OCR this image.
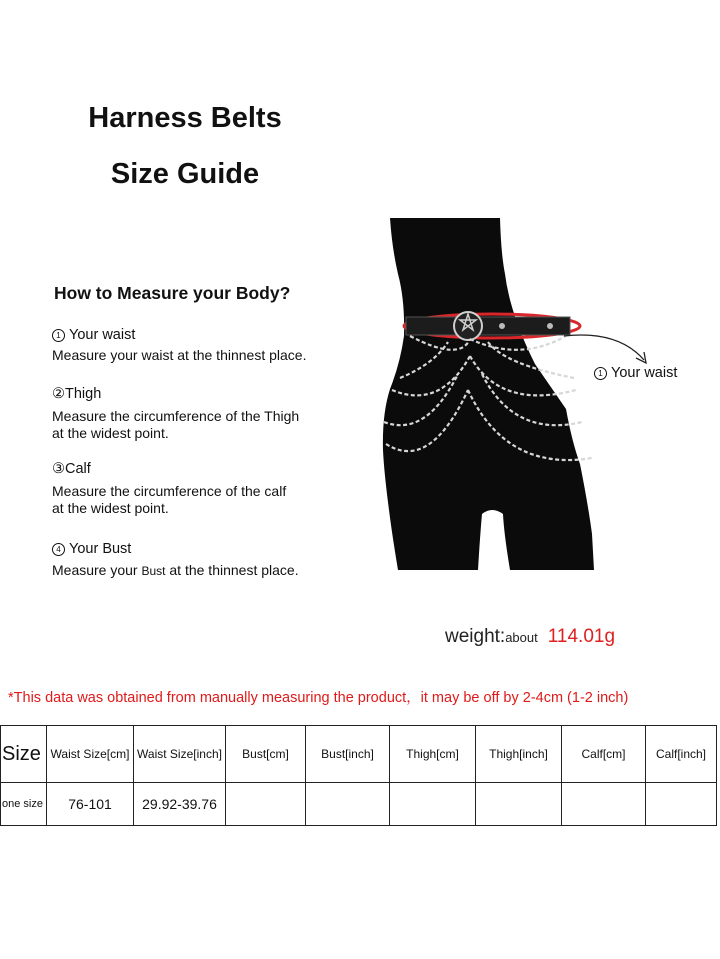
Harness Belts
Size Guide
How to Measure your Body?
1 Your waist
Measure your waist at the thinnest place.
②Thigh
Measure the circumference of the Thigh
at the widest point.
③Calf
Measure the circumference of the calf
at the widest point.
4 Your Bust
Measure your Bust at the thinnest place.
1 Your waist
weight:about 114.01g
*This data was obtained from manually measuring the product，it may be off by 2-4cm (1-2 inch)
Size	Waist Size[cm]	Waist Size[inch]	Bust[cm]	Bust[inch]	Thigh[cm]	Thigh[inch]	Calf[cm]	Calf[inch]
one size	76-101	29.92-39.76						
